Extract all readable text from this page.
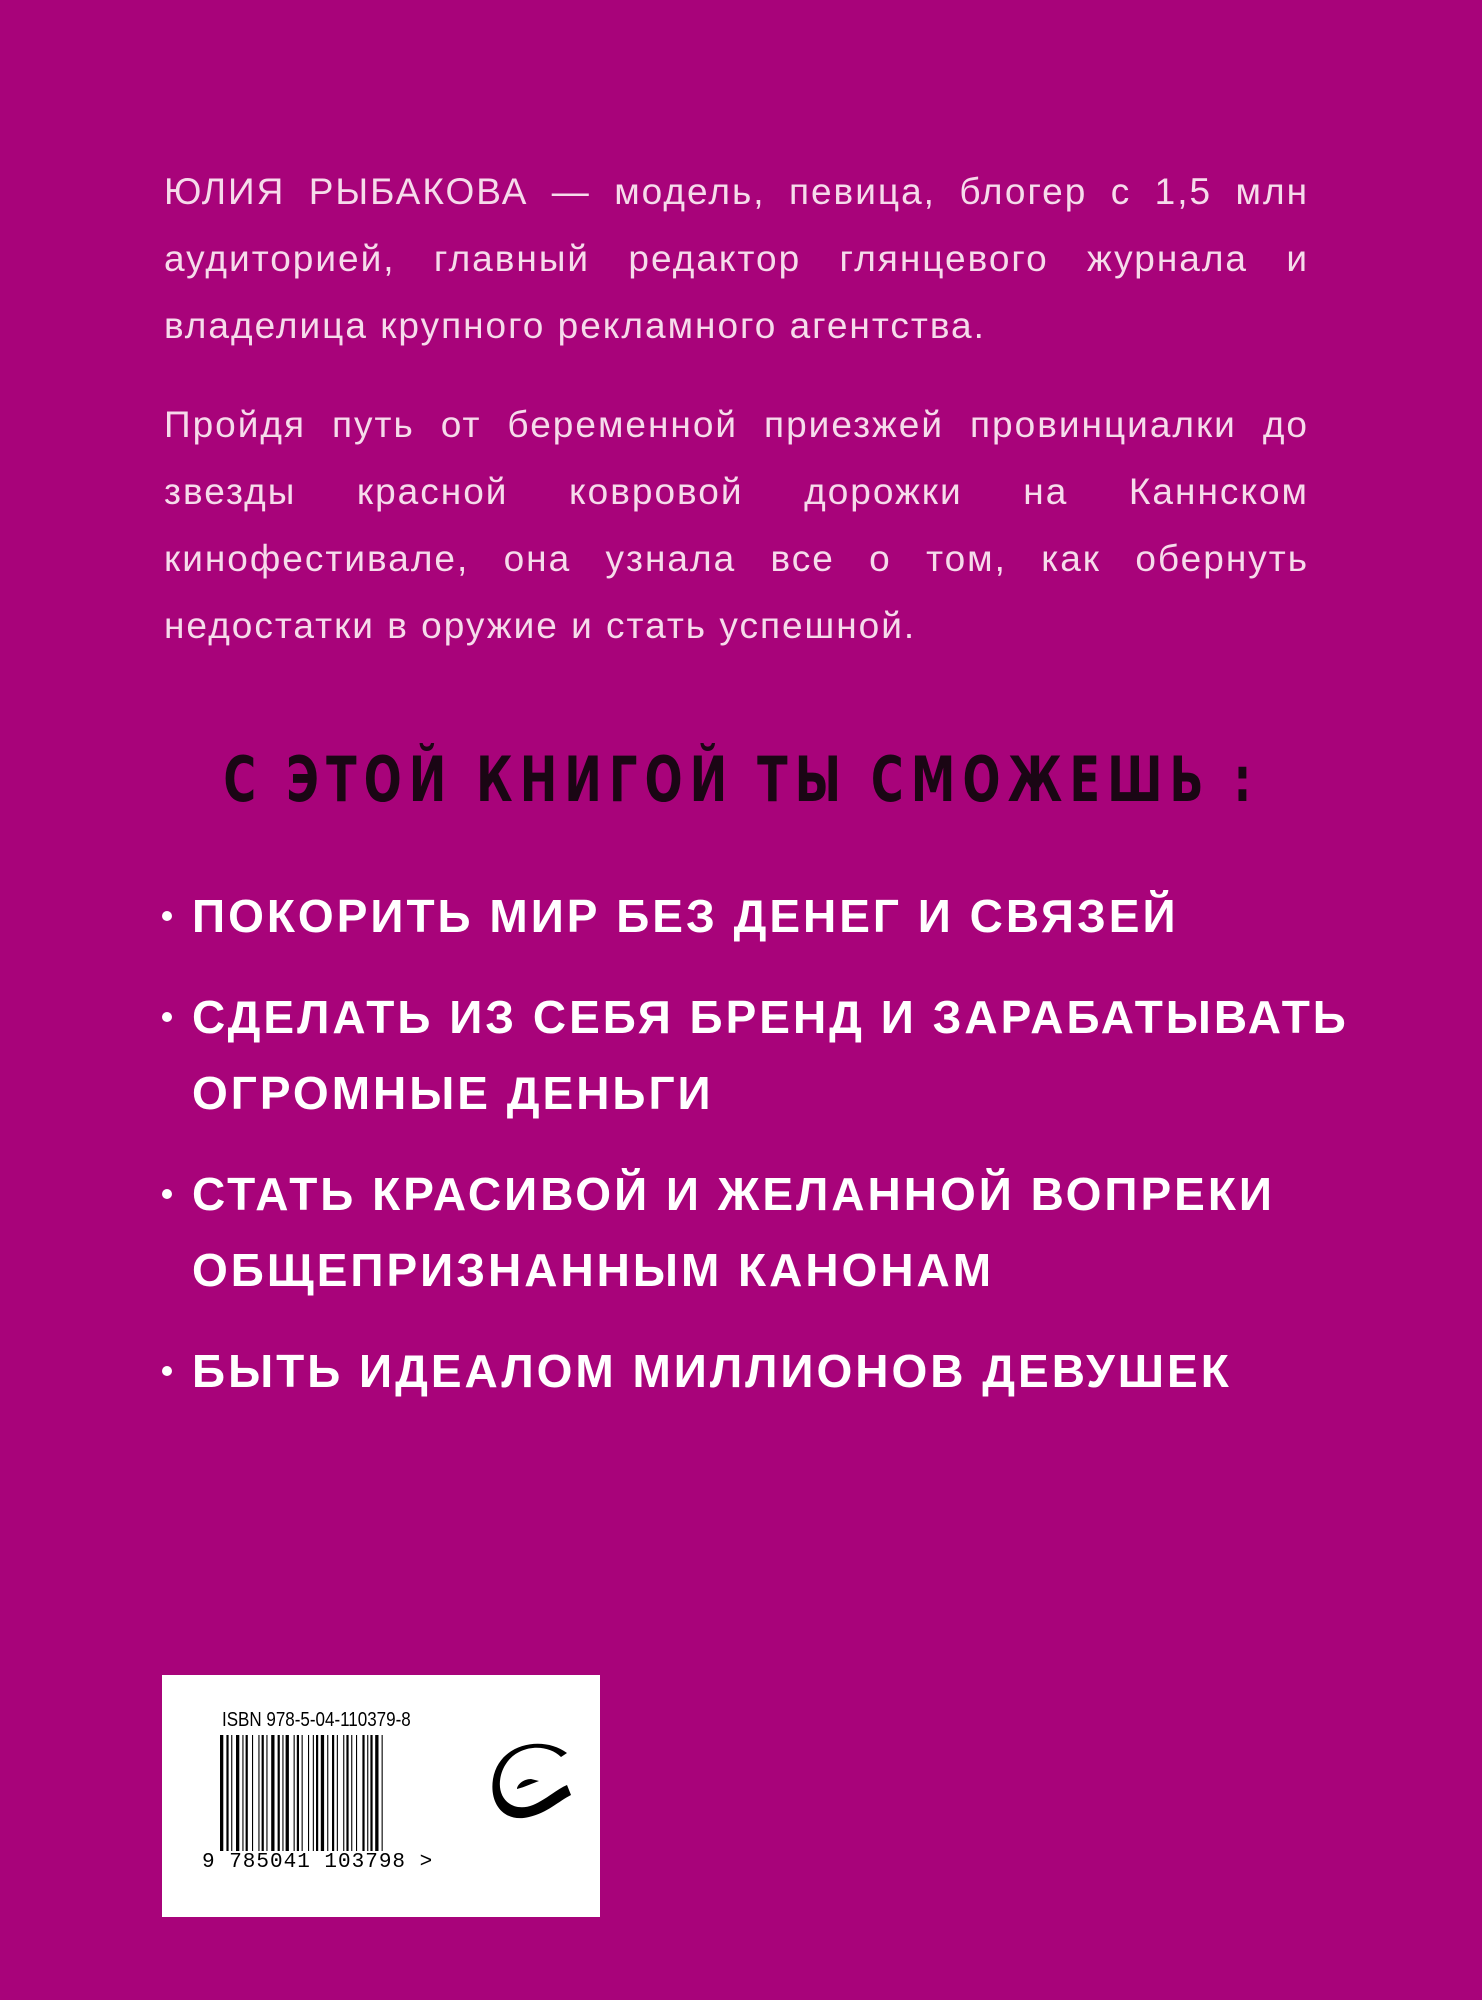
ЮЛИЯ РЫБАКОВА — модель, певица, блогер с 1,5 млн аудиторией, главный редактор глянцевого журнала и владелица крупного рекламного агентства.

Пройдя путь от беременной приезжей провинциалки до звезды красной ковровой дорожки на Каннском кинофестивале, она узнала все о том, как обернуть недостатки в оружие и стать успешной.

С ЭТОЙ КНИГОЙ ТЫ СМОЖЕШЬ :
ПОКОРИТЬ МИР БЕЗ ДЕНЕГ И СВЯЗЕЙ
СДЕЛАТЬ ИЗ СЕБЯ БРЕНД И ЗАРАБАТЫВАТЬ ОГРОМНЫЕ ДЕНЬГИ
СТАТЬ КРАСИВОЙ И ЖЕЛАННОЙ ВОПРЕКИ ОБЩЕПРИЗНАННЫМ КАНОНАМ
БЫТЬ ИДЕАЛОМ МИЛЛИОНОВ ДЕВУШЕК
ISBN 978-5-04-110379-8
9 785041 103798 >
